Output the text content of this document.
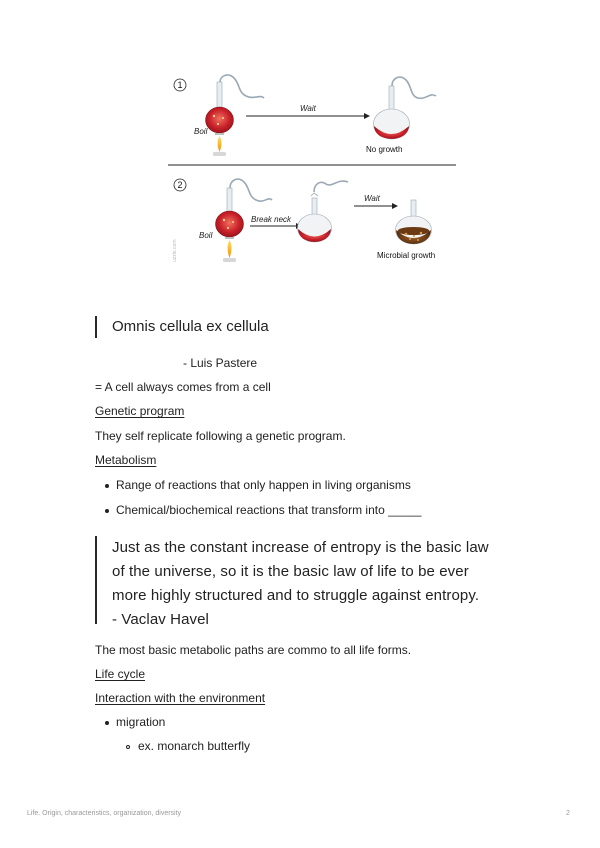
1
Boil
Wait
No growth
2
uzzle.com
Boil
Break neck
Wait
Microbial growth
Omnis cellula ex cellula
- Luis Pastere
= A cell always comes from a cell
Genetic program
They self replicate following a genetic program.
Metabolism
Range of reactions that only happen in living organisms
Chemical/biochemical reactions that transform into _____
Just as the constant increase of entropy is the basic law
of the universe, so it is the basic law of life to be ever
more highly structured and to struggle against entropy.
- Vaclav Havel
The most basic metabolic paths are commo to all life forms.
Life cycle
Interaction with the environment
migration
ex. monarch butterfly
Life. Origin, characteristics, organization, diversity	2
